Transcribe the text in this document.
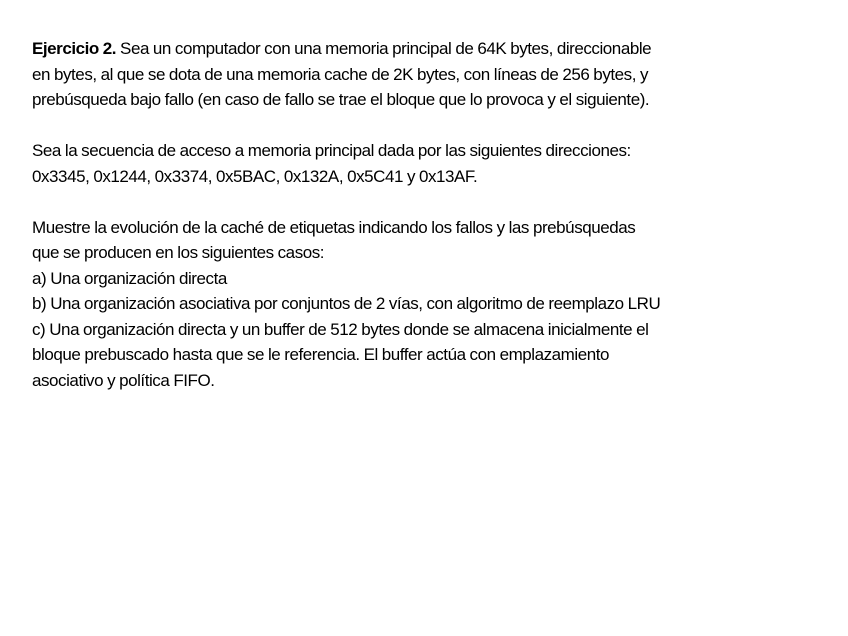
Ejercicio 2. Sea un computador con una memoria principal de 64K bytes, direccionable
en bytes, al que se dota de una memoria cache de 2K bytes, con líneas de 256 bytes, y
prebúsqueda bajo fallo (en caso de fallo se trae el bloque que lo provoca y el siguiente).

Sea la secuencia de acceso a memoria principal dada por las siguientes direcciones:
0x3345, 0x1244, 0x3374, 0x5BAC, 0x132A, 0x5C41 y 0x13AF.

Muestre la evolución de la caché de etiquetas indicando los fallos y las prebúsquedas
que se producen en los siguientes casos:
a) Una organización directa
b) Una organización asociativa por conjuntos de 2 vías, con algoritmo de reemplazo LRU
c) Una organización directa y un buffer de 512 bytes donde se almacena inicialmente el
bloque prebuscado hasta que se le referencia. El buffer actúa con emplazamiento
asociativo y política FIFO.
